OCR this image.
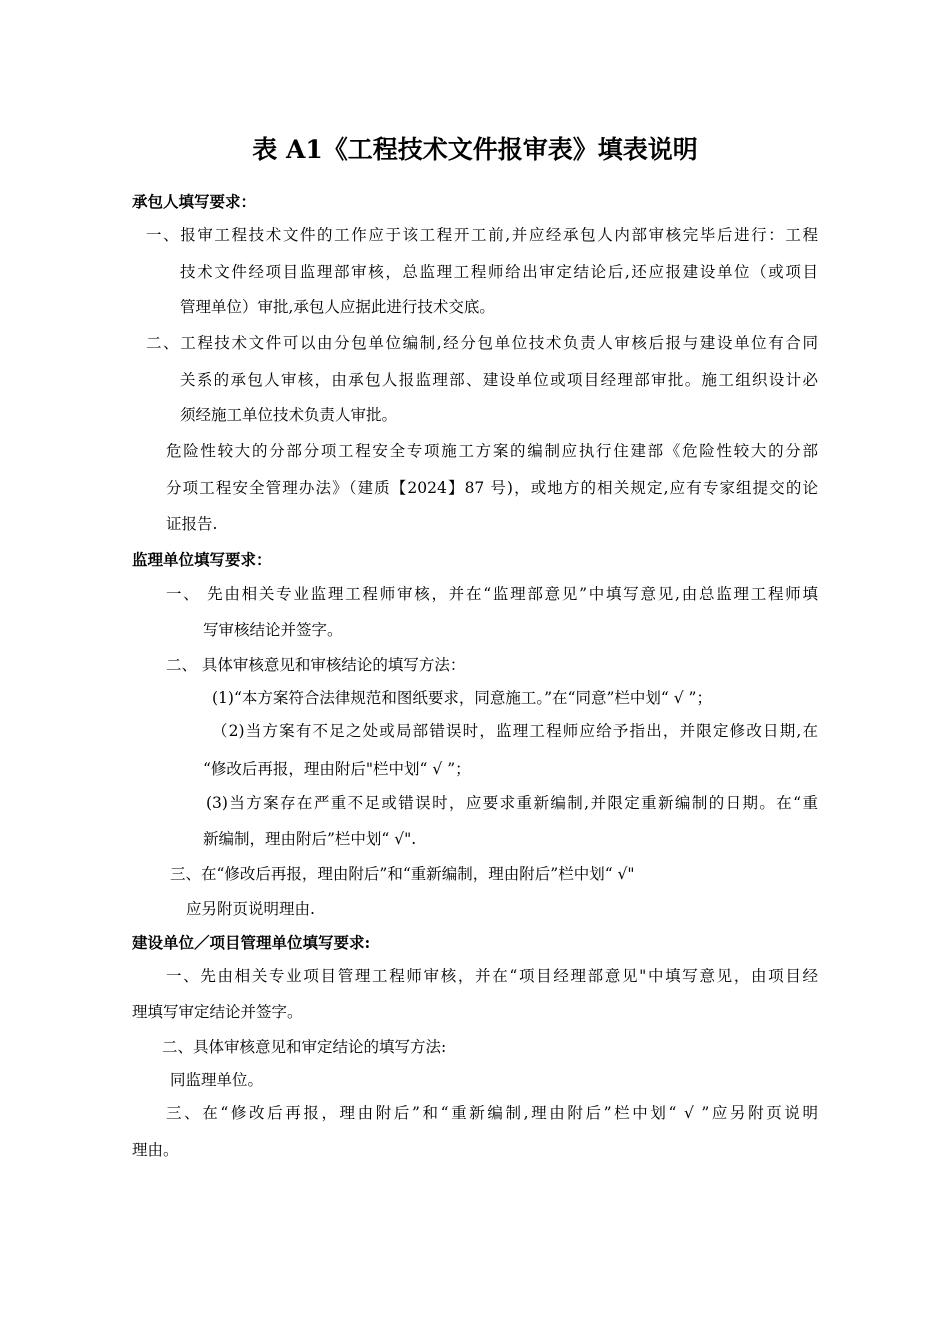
表 A1《工程技术文件报审表》填表说明
承包人填写要求：
一、报审工程技术文件的工作应于该工程开工前,并应经承包人内部审核完毕后进行：工程
技术文件经项目监理部审核，总监理工程师给出审定结论后,还应报建设单位（或项目
管理单位）审批,承包人应据此进行技术交底。
二、工程技术文件可以由分包单位编制,经分包单位技术负责人审核后报与建设单位有合同
关系的承包人审核，由承包人报监理部、建设单位或项目经理部审批。施工组织设计必
须经施工单位技术负责人审批。
危险性较大的分部分项工程安全专项施工方案的编制应执行住建部《危险性较大的分部
分项工程安全管理办法》（建质【2024】87 号)，或地方的相关规定,应有专家组提交的论
证报告.
监理单位填写要求：
一、 先由相关专业监理工程师审核，并在“监理部意见”中填写意见,由总监理工程师填
写审核结论并签字。
二、 具体审核意见和审核结论的填写方法：
(1)“本方案符合法律规范和图纸要求，同意施工。”在“同意”栏中划“ √ ”；
（2)当方案有不足之处或局部错误时，监理工程师应给予指出，并限定修改日期,在
“修改后再报，理由附后"栏中划“ √ ”；
(3)当方案存在严重不足或错误时，应要求重新编制,并限定重新编制的日期。在“重
新编制，理由附后”栏中划“ √".
三、在“修改后再报，理由附后”和“重新编制，理由附后”栏中划“ √"
应另附页说明理由.
建设单位／项目管理单位填写要求:
一、先由相关专业项目管理工程师审核，并在“项目经理部意见"中填写意见，由项目经
理填写审定结论并签字。
二、具体审核意见和审定结论的填写方法:
同监理单位。
三、在“修改后再报，理由附后”和“重新编制,理由附后”栏中划“ √ ”应另附页说明
理由。
